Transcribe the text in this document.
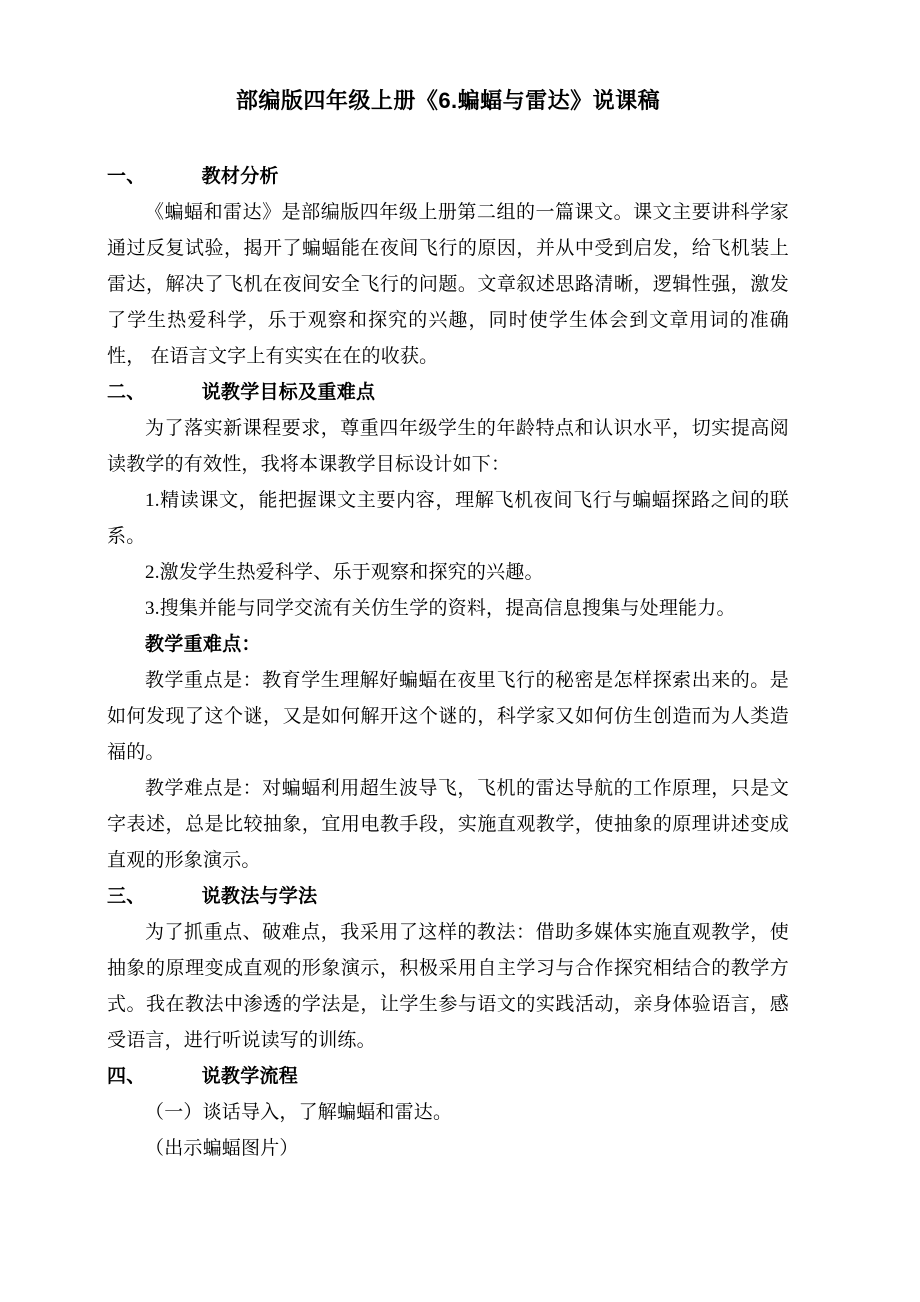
部编版四年级上册《6.蝙蝠与雷达》说课稿
一、	教材分析

《蝙蝠和雷达》是部编版四年级上册第二组的一篇课文。课文主要讲科学家通过反复试验，揭开了蝙蝠能在夜间飞行的原因，并从中受到启发，给飞机装上雷达，解决了飞机在夜间安全飞行的问题。文章叙述思路清晰，逻辑性强，激发了学生热爱科学，乐于观察和探究的兴趣，同时使学生体会到文章用词的准确性， 在语言文字上有实实在在的收获。

二、	说教学目标及重难点

为了落实新课程要求，尊重四年级学生的年龄特点和认识水平，切实提高阅读教学的有效性，我将本课教学目标设计如下：

1.精读课文，能把握课文主要内容，理解飞机夜间飞行与蝙蝠探路之间的联系。

2.激发学生热爱科学、乐于观察和探究的兴趣。

3.搜集并能与同学交流有关仿生学的资料，提高信息搜集与处理能力。

教学重难点：

教学重点是：教育学生理解好蝙蝠在夜里飞行的秘密是怎样探索出来的。是如何发现了这个谜，又是如何解开这个谜的，科学家又如何仿生创造而为人类造福的。

教学难点是：对蝙蝠利用超生波导飞，飞机的雷达导航的工作原理，只是文字表述，总是比较抽象，宜用电教手段，实施直观教学，使抽象的原理讲述变成直观的形象演示。

三、	说教法与学法

为了抓重点、破难点，我采用了这样的教法：借助多媒体实施直观教学，使抽象的原理变成直观的形象演示，积极采用自主学习与合作探究相结合的教学方式。我在教法中渗透的学法是，让学生参与语文的实践活动，亲身体验语言，感受语言，进行听说读写的训练。

四、	说教学流程

（一）谈话导入，了解蝙蝠和雷达。

（出示蝙蝠图片）
